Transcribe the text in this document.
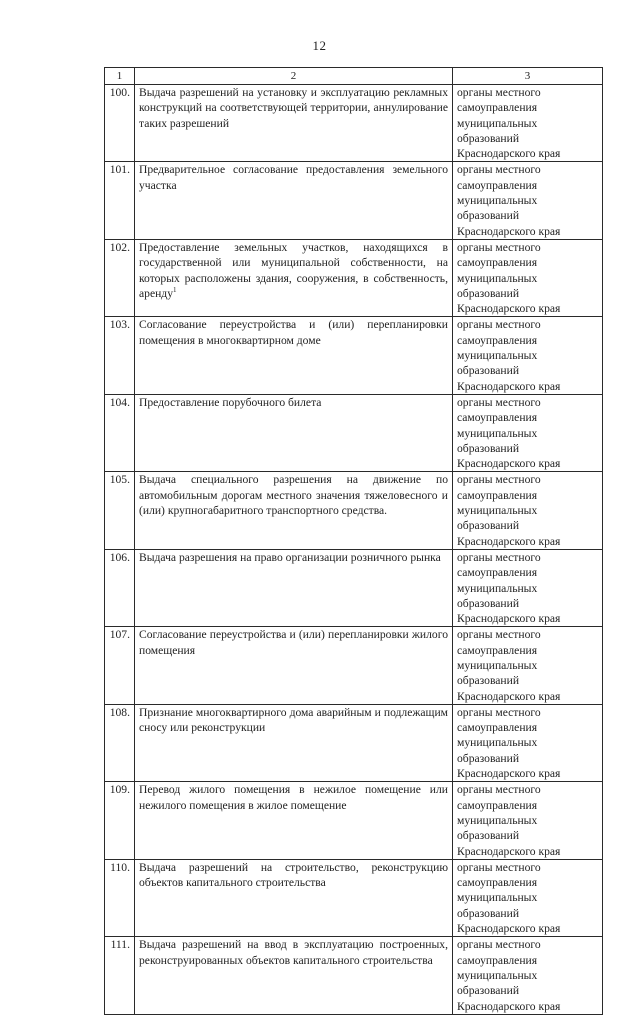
12
1	2	3
100.	Выдача разрешений на установку и эксплуатацию рекламных конструкций на соответствующей территории, аннулирование таких разрешений	органы местного самоуправления муниципальных образований Краснодарского края
101.	Предварительное согласование предоставления земельного участка	органы местного самоуправления муниципальных образований Краснодарского края
102.	Предоставление земельных участков, находящихся в государственной или муниципальной собственности, на которых расположены здания, сооружения, в собственность, аренду$^1$	органы местного самоуправления муниципальных образований Краснодарского края
103.	Согласование переустройства и (или) перепланировки помещения в многоквартирном доме	органы местного самоуправления муниципальных образований Краснодарского края
104.	Предоставление порубочного билета	органы местного самоуправления муниципальных образований Краснодарского края
105.	Выдача специального разрешения на движение по автомобильным дорогам местного значения тяжеловесного и (или) крупногабаритного транспортного средства.	органы местного самоуправления муниципальных образований Краснодарского края
106.	Выдача разрешения на право организации розничного рынка	органы местного самоуправления муниципальных образований Краснодарского края
107.	Согласование переустройства и (или) перепланировки жилого помещения	органы местного самоуправления муниципальных образований Краснодарского края
108.	Признание многоквартирного дома аварийным и подлежащим сносу или реконструкции	органы местного самоуправления муниципальных образований Краснодарского края
109.	Перевод жилого помещения в нежилое помещение или нежилого помещения в жилое помещение	органы местного самоуправления муниципальных образований Краснодарского края
110.	Выдача разрешений на строительство, реконструкцию объектов капитального строительства	органы местного самоуправления муниципальных образований Краснодарского края
111.	Выдача разрешений на ввод в эксплуатацию построенных, реконструированных объектов капитального строительства	органы местного самоуправления муниципальных образований Краснодарского края
